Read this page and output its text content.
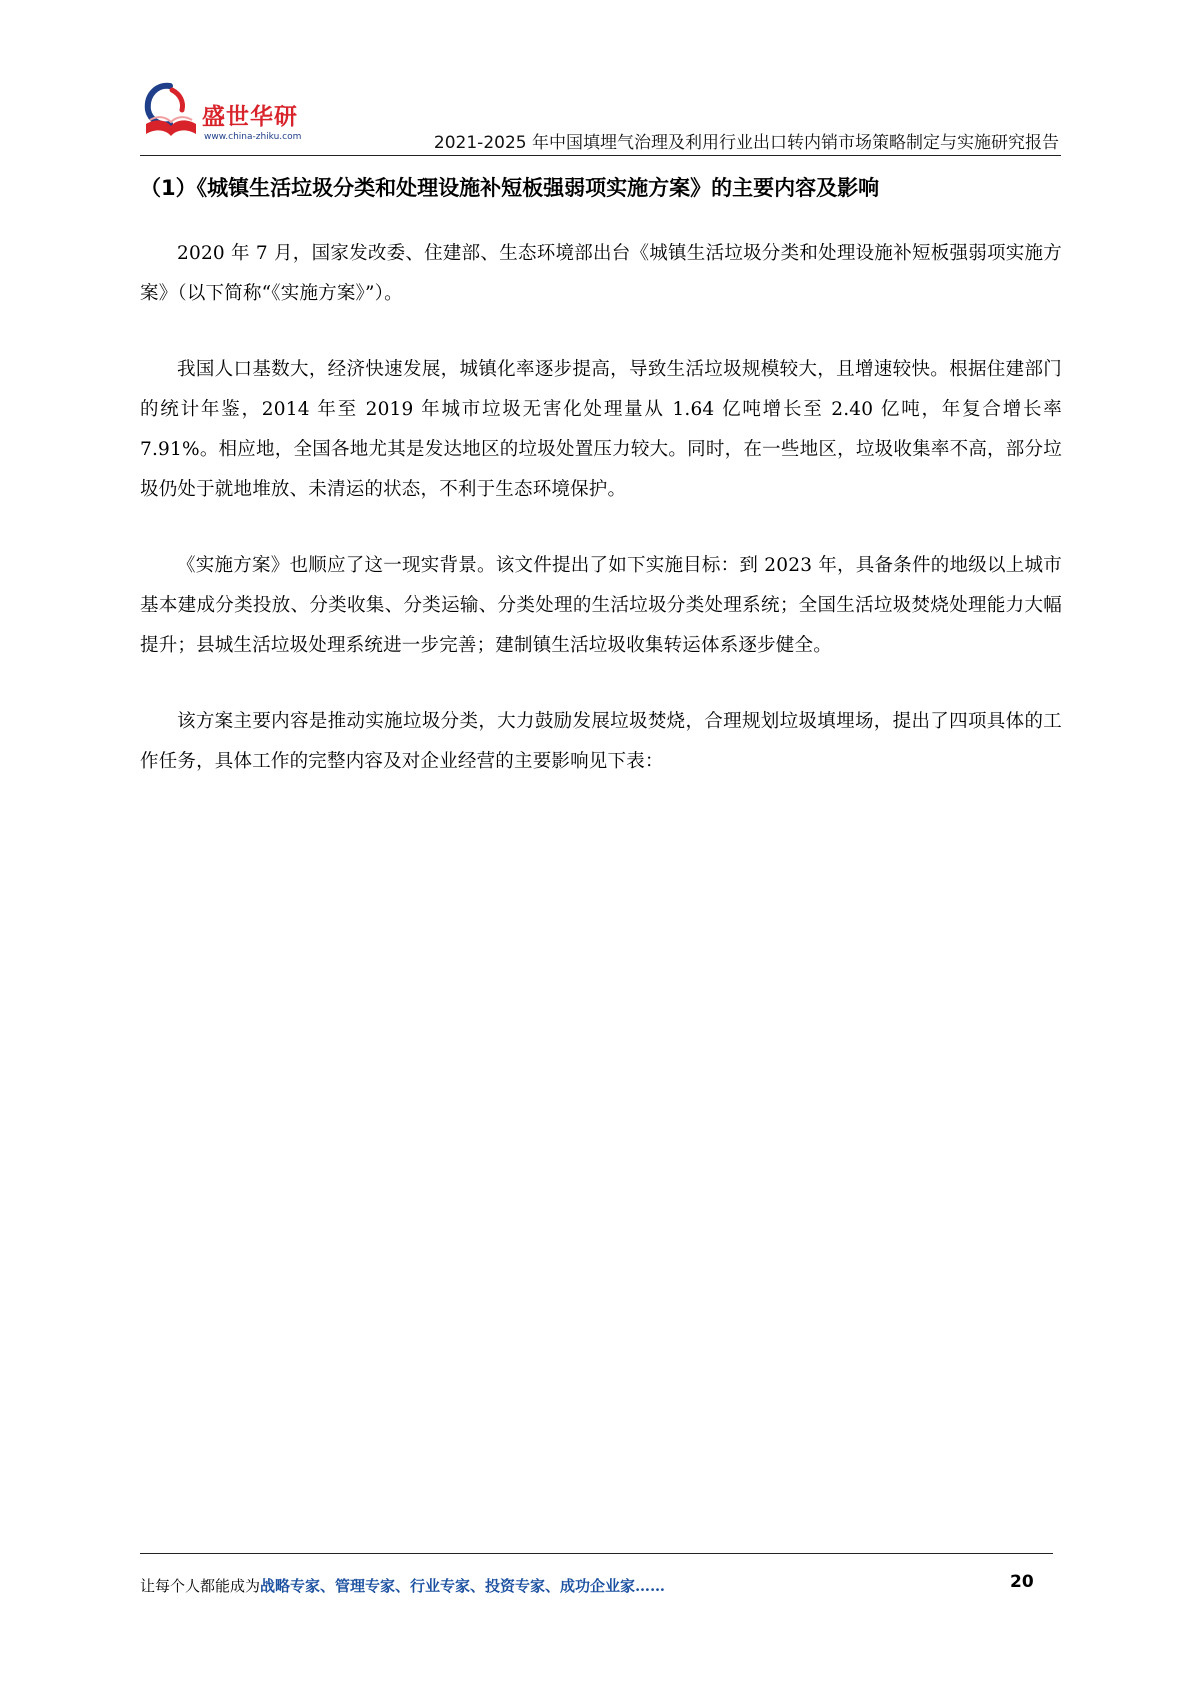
盛世华研
www.china-zhiku.com	2021-2025 年中国填埋气治理及利用行业出口转内销市场策略制定与实施研究报告
（1）《城镇生活垃圾分类和处理设施补短板强弱项实施方案》的主要内容及影响

2020 年 7 月，国家发改委、住建部、生态环境部出台《城镇生活垃圾分类和处理设施补短板强弱项实施方案》（以下简称“《实施方案》”）。

我国人口基数大，经济快速发展，城镇化率逐步提高，导致生活垃圾规模较大，且增速较快。根据住建部门的统计年鉴，2014 年至 2019 年城市垃圾无害化处理量从 1.64 亿吨增长至 2.40 亿吨，年复合增长率 7.91%。相应地，全国各地尤其是发达地区的垃圾处置压力较大。同时，在一些地区，垃圾收集率不高，部分垃圾仍处于就地堆放、未清运的状态，不利于生态环境保护。

《实施方案》也顺应了这一现实背景。该文件提出了如下实施目标：到 2023 年，具备条件的地级以上城市基本建成分类投放、分类收集、分类运输、分类处理的生活垃圾分类处理系统；全国生活垃圾焚烧处理能力大幅提升；县城生活垃圾处理系统进一步完善；建制镇生活垃圾收集转运体系逐步健全。

该方案主要内容是推动实施垃圾分类，大力鼓励发展垃圾焚烧，合理规划垃圾填埋场，提出了四项具体的工作任务，具体工作的完整内容及对企业经营的主要影响见下表：

让每个人都能成为战略专家、管理专家、行业专家、投资专家、成功企业家……	20
